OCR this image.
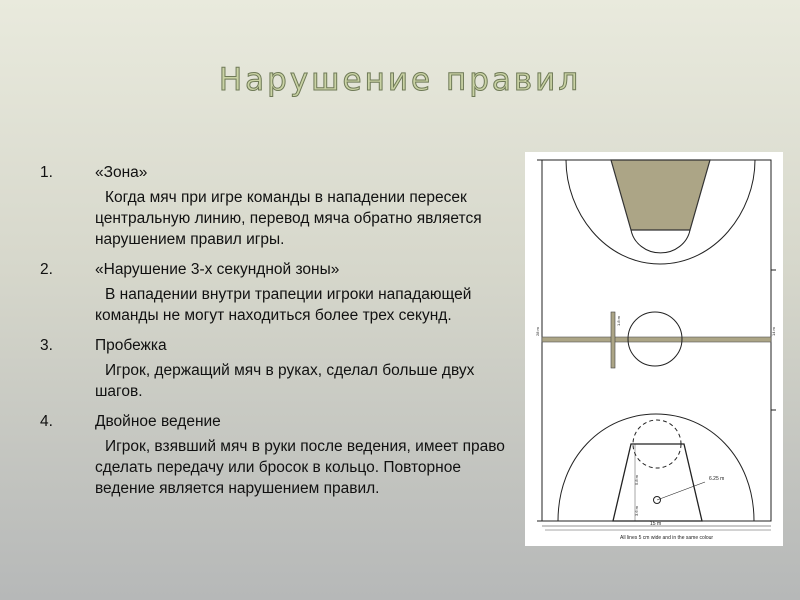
Нарушение правил
1.	«Зона»
Когда мяч при игре команды в нападении пересек центральную линию, перевод мяча обратно является нарушением правил игры.
2.	«Нарушение 3-х секундной зоны»
В нападении внутри трапеции игроки нападающей команды не могут находиться более трех секунд.
3.	Пробежка
Игрок, держащий мяч в руках, сделал больше двух шагов.
4.	Двойное ведение
Игрок, взявший мяч в руки после ведения, имеет право сделать передачу или бросок в кольцо. Повторное ведение является нарушением правил.
6.25 m
15 m
5.8 m
3.6 m
1.8 m
28 m	14 m
All lines 5 cm wide and in the same colour
